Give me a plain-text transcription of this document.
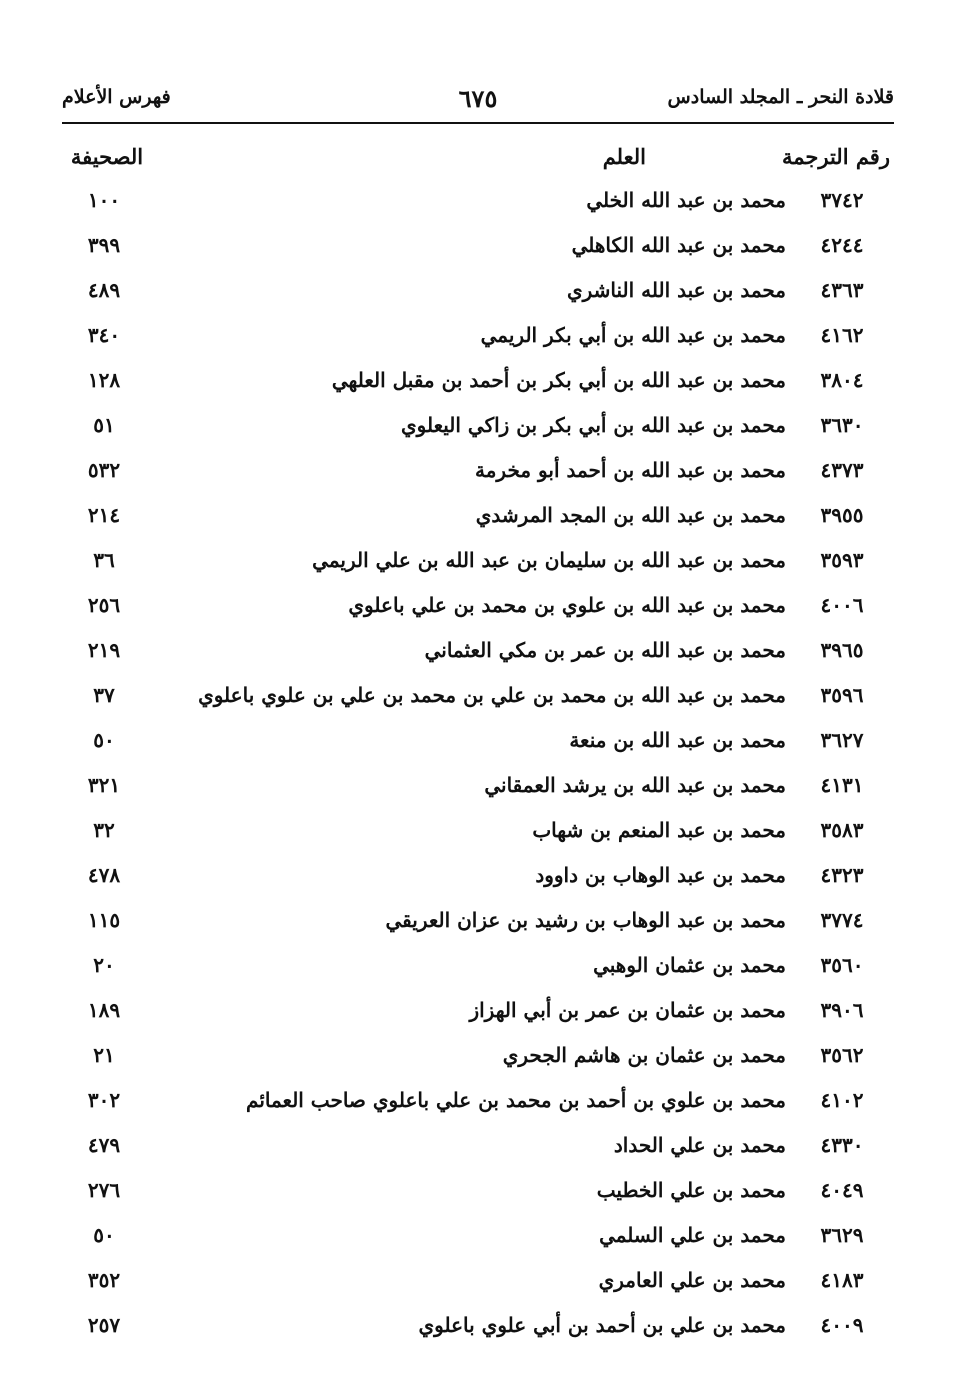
قلادة النحر ـ المجلد السادس
٦٧٥
فهرس الأعلام
رقم الترجمة
العلم
الصحيفة
٣٧٤٢
محمد بن عبد الله الخلي
١٠٠
٤٢٤٤
محمد بن عبد الله الكاهلي
٣٩٩
٤٣٦٣
محمد بن عبد الله الناشري
٤٨٩
٤١٦٢
محمد بن عبد الله بن أبي بكر الريمي
٣٤٠
٣٨٠٤
محمد بن عبد الله بن أبي بكر بن أحمد بن مقبل العلهي
١٢٨
٣٦٣٠
محمد بن عبد الله بن أبي بكر بن زاكي اليعلوي
٥١
٤٣٧٣
محمد بن عبد الله بن أحمد أبو مخرمة
٥٣٢
٣٩٥٥
محمد بن عبد الله بن المجد المرشدي
٢١٤
٣٥٩٣
محمد بن عبد الله بن سليمان بن عبد الله بن علي الريمي
٣٦
٤٠٠٦
محمد بن عبد الله بن علوي بن محمد بن علي باعلوي
٢٥٦
٣٩٦٥
محمد بن عبد الله بن عمر بن مكي العثماني
٢١٩
٣٥٩٦
محمد بن عبد الله بن محمد بن علي بن محمد بن علي بن علوي باعلوي
٣٧
٣٦٢٧
محمد بن عبد الله بن منعة
٥٠
٤١٣١
محمد بن عبد الله بن يرشد العمقاني
٣٢١
٣٥٨٣
محمد بن عبد المنعم بن شهاب
٣٢
٤٣٢٣
محمد بن عبد الوهاب بن داوود
٤٧٨
٣٧٧٤
محمد بن عبد الوهاب بن رشيد بن عزان العريقي
١١٥
٣٥٦٠
محمد بن عثمان الوهبي
٢٠
٣٩٠٦
محمد بن عثمان بن عمر بن أبي الهزاز
١٨٩
٣٥٦٢
محمد بن عثمان بن هاشم الجحري
٢١
٤١٠٢
محمد بن علوي بن أحمد بن محمد بن علي باعلوي صاحب العمائم
٣٠٢
٤٣٣٠
محمد بن علي الحداد
٤٧٩
٤٠٤٩
محمد بن علي الخطيب
٢٧٦
٣٦٢٩
محمد بن علي السلمي
٥٠
٤١٨٣
محمد بن علي العامري
٣٥٢
٤٠٠٩
محمد بن علي بن أحمد بن أبي علوي باعلوي
٢٥٧
